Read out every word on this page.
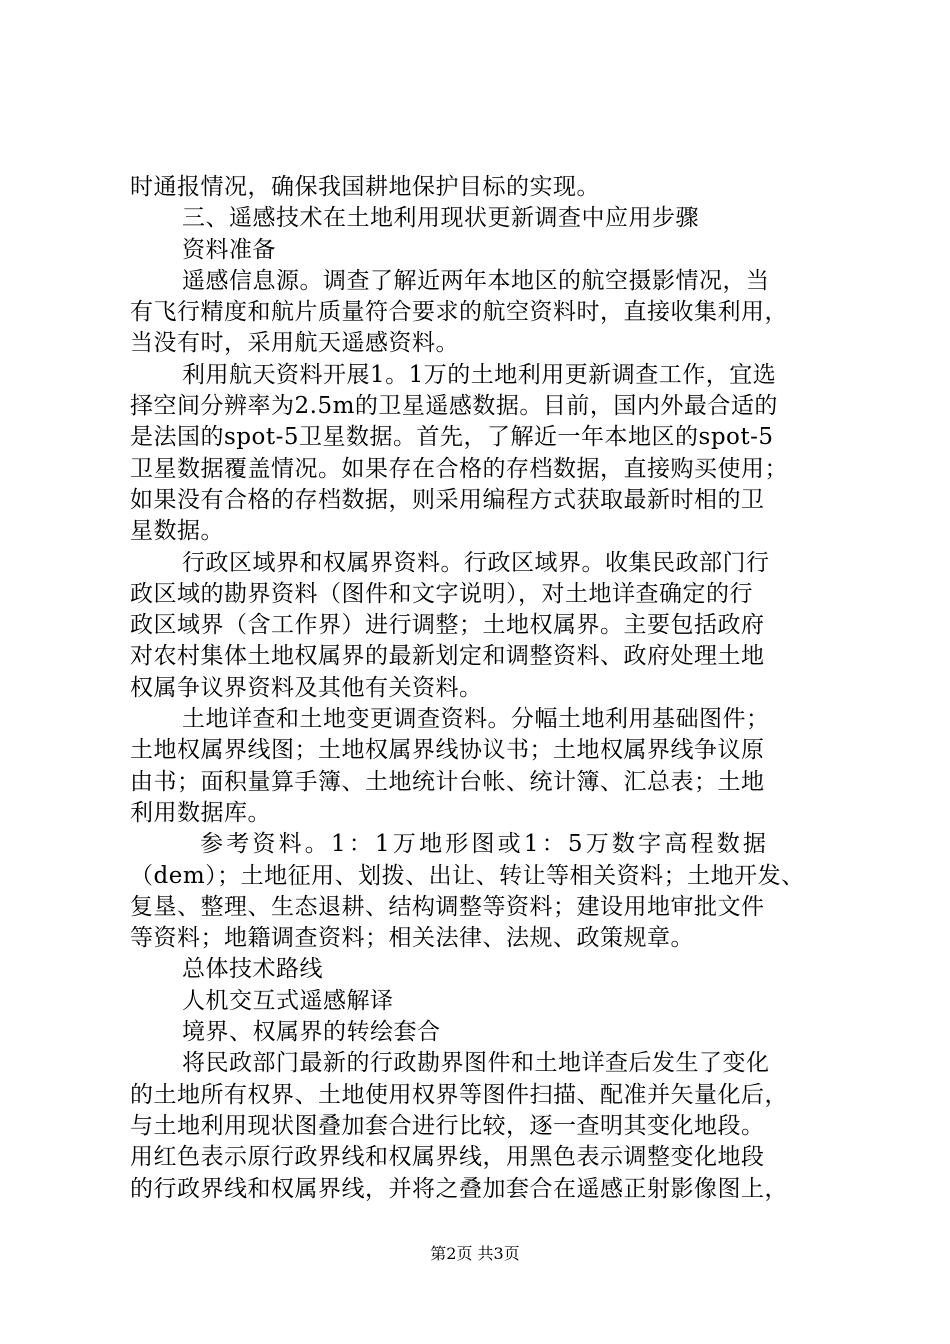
时通报情况，确保我国耕地保护目标的实现。
三、遥感技术在土地利用现状更新调查中应用步骤
资料准备
遥感信息源。调查了解近两年本地区的航空摄影情况，当
有飞行精度和航片质量符合要求的航空资料时，直接收集利用，
当没有时，采用航天遥感资料。
利用航天资料开展1。1万的土地利用更新调查工作，宜选
择空间分辨率为2.5m的卫星遥感数据。目前，国内外最合适的
是法国的spot-5卫星数据。首先，了解近一年本地区的spot-5
卫星数据覆盖情况。如果存在合格的存档数据，直接购买使用；
如果没有合格的存档数据，则采用编程方式获取最新时相的卫
星数据。
行政区域界和权属界资料。行政区域界。收集民政部门行
政区域的勘界资料（图件和文字说明），对土地详查确定的行
政区域界（含工作界）进行调整；土地权属界。主要包括政府
对农村集体土地权属界的最新划定和调整资料、政府处理土地
权属争议界资料及其他有关资料。
土地详查和土地变更调查资料。分幅土地利用基础图件；
土地权属界线图；土地权属界线协议书；土地权属界线争议原
由书；面积量算手簿、土地统计台帐、统计簿、汇总表；土地
利用数据库。
参考资料。1：1万地形图或1：5万数字高程数据
（dem）；土地征用、划拨、出让、转让等相关资料；土地开发、
复垦、整理、生态退耕、结构调整等资料；建设用地审批文件
等资料；地籍调查资料；相关法律、法规、政策规章。
总体技术路线
人机交互式遥感解译
境界、权属界的转绘套合
将民政部门最新的行政勘界图件和土地详查后发生了变化
的土地所有权界、土地使用权界等图件扫描、配准并矢量化后，
与土地利用现状图叠加套合进行比较，逐一查明其变化地段。
用红色表示原行政界线和权属界线，用黑色表示调整变化地段
的行政界线和权属界线，并将之叠加套合在遥感正射影像图上，
第2页 共3页
